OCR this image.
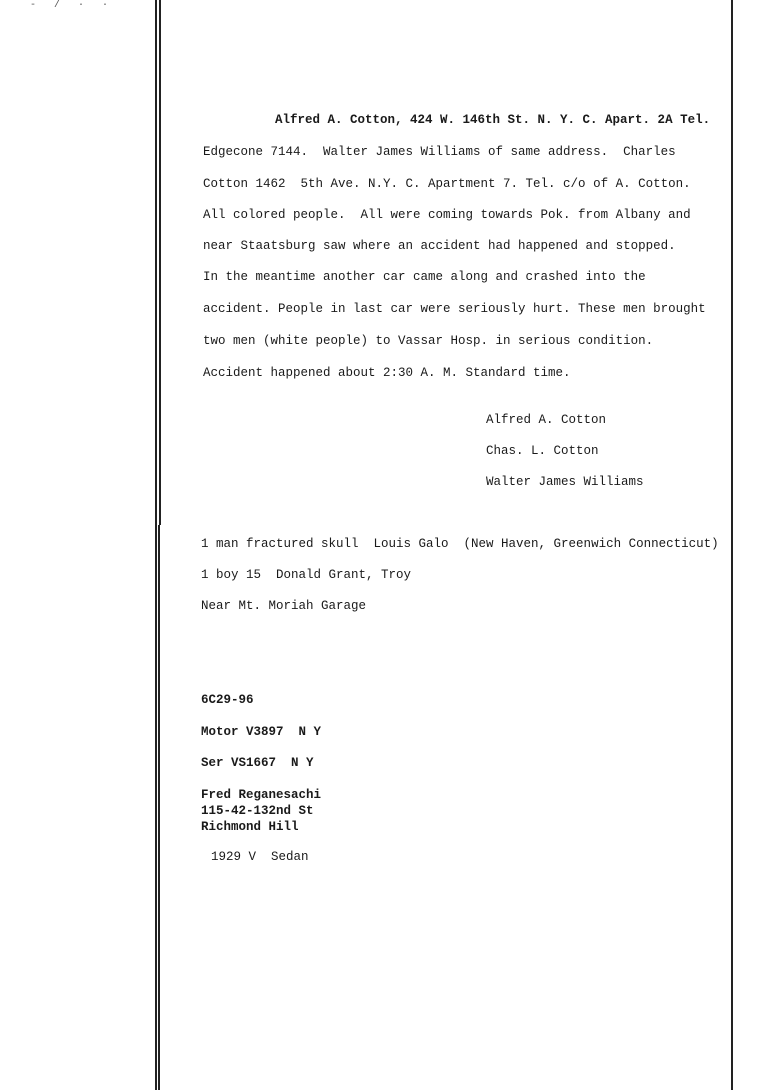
- / · ·
Alfred A. Cotton, 424 W. 146th St. N. Y. C. Apart. 2A Tel.
Edgecone 7144.  Walter James Williams of same address.  Charles
Cotton 1462  5th Ave. N.Y. C. Apartment 7. Tel. c/o of A. Cotton.
All colored people.  All were coming towards Pok. from Albany and
near Staatsburg saw where an accident had happened and stopped.
In the meantime another car came along and crashed into the
accident. People in last car were seriously hurt. These men brought
two men (white people) to Vassar Hosp. in serious condition.
Accident happened about 2:30 A. M. Standard time.
Alfred A. Cotton
Chas. L. Cotton
Walter James Williams
1 man fractured skull  Louis Galo  (New Haven, Greenwich Connecticut)
1 boy 15  Donald Grant, Troy
Near Mt. Moriah Garage
6C29-96
Motor V3897  N Y
Ser VS1667  N Y
Fred Reganesachi
115-42-132nd St
Richmond Hill
1929 V  Sedan
